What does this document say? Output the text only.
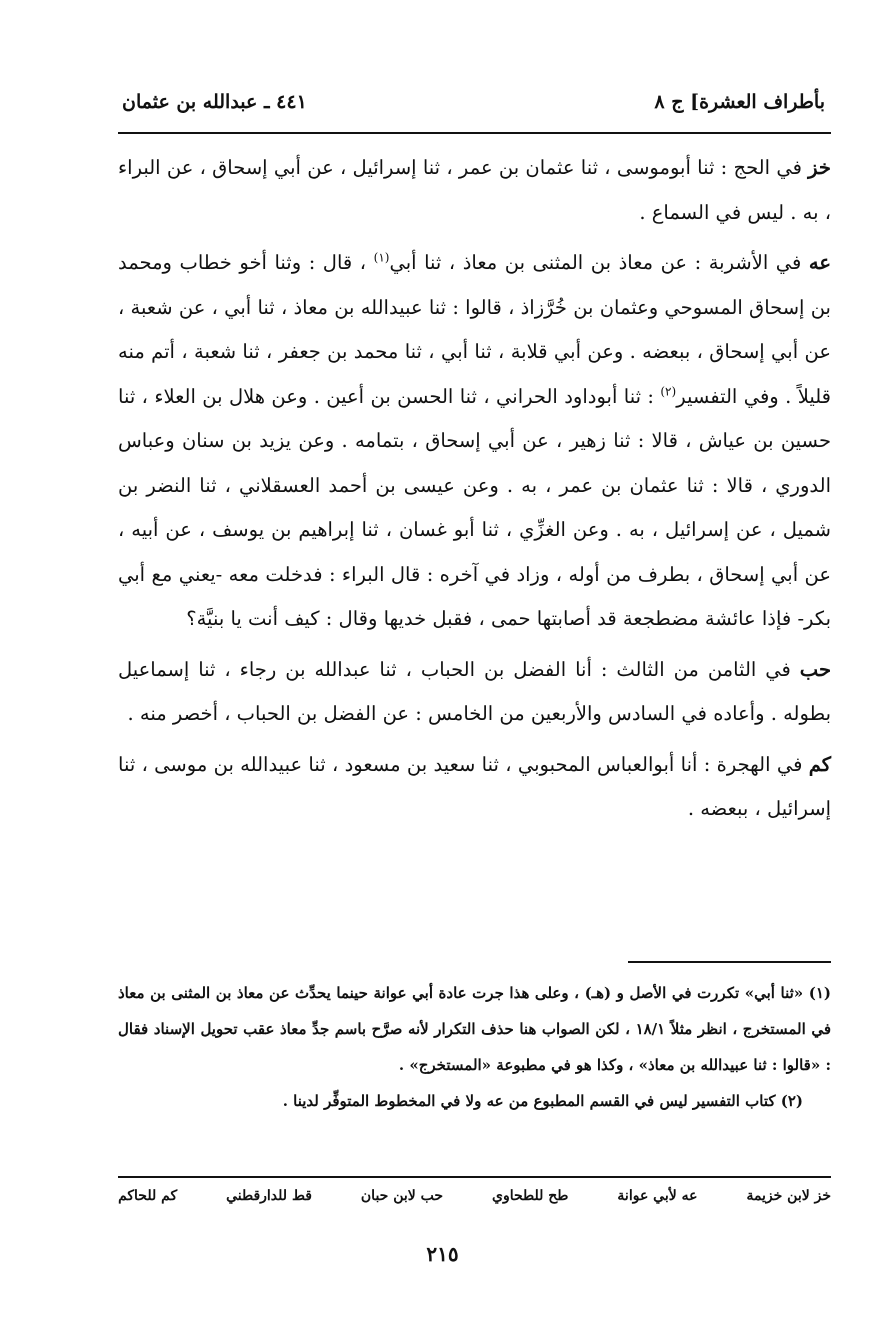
بأطراف العشرة] ج ٨
٤٤١ ـ عبدالله بن عثمان

خز في الحج : ثنا أبوموسى ، ثنا عثمان بن عمر ، ثنا إسرائيل ، عن أبي إسحاق ، عن البراء ، به . ليس في السماع .

عه في الأشربة : عن معاذ بن المثنى بن معاذ ، ثنا أبي$^{(١)}$ ، قال : وثنا أخو خطاب ومحمد بن إسحاق المسوحي وعثمان بن خُرَّزاذ ، قالوا : ثنا عبيدالله بن معاذ ، ثنا أبي ، عن شعبة ، عن أبي إسحاق ، ببعضه . وعن أبي قلابة ، ثنا أبي ، ثنا محمد بن جعفر ، ثنا شعبة ، أتم منه قليلاً . وفي التفسير$^{(٢)}$ : ثنا أبوداود الحراني ، ثنا الحسن بن أعين . وعن هلال بن العلاء ، ثنا حسين بن عياش ، قالا : ثنا زهير ، عن أبي إسحاق ، بتمامه . وعن يزيد بن سنان وعباس الدوري ، قالا : ثنا عثمان بن عمر ، به . وعن عيسى بن أحمد العسقلاني ، ثنا النضر بن شميل ، عن إسرائيل ، به . وعن الغزِّي ، ثنا أبو غسان ، ثنا إبراهيم بن يوسف ، عن أبيه ، عن أبي إسحاق ، بطرف من أوله ، وزاد في آخره : قال البراء : فدخلت معه -يعني مع أبي بكر- فإذا عائشة مضطجعة قد أصابتها حمى ، فقبل خديها وقال : كيف أنت يا بنيَّة؟

حب في الثامن من الثالث : أنا الفضل بن الحباب ، ثنا عبدالله بن رجاء ، ثنا إسماعيل بطوله . وأعاده في السادس والأربعين من الخامس : عن الفضل بن الحباب ، أخصر منه .

كم في الهجرة : أنا أبوالعباس المحبوبي ، ثنا سعيد بن مسعود ، ثنا عبيدالله بن موسى ، ثنا إسرائيل ، ببعضه .

(١) «ثنا أبي» تكررت في الأصل و (هـ) ، وعلى هذا جرت عادة أبي عوانة حينما يحدِّث عن معاذ بن المثنى بن معاذ في المستخرج ، انظر مثلاً ١٨/١ ، لكن الصواب هنا حذف التكرار لأنه صرَّح باسم جدِّ معاذ عقب تحويل الإسناد فقال : «قالوا : ثنا عبيدالله بن معاذ» ، وكذا هو في مطبوعة «المستخرج» .

(٢) كتاب التفسير ليس في القسم المطبوع من عه ولا في المخطوط المتوفِّر لدينا .

خز لابن خزيمة
عه لأبي عوانة
طح للطحاوي
حب لابن حبان
قط للدارقطني
كم للحاكم
٢١٥
